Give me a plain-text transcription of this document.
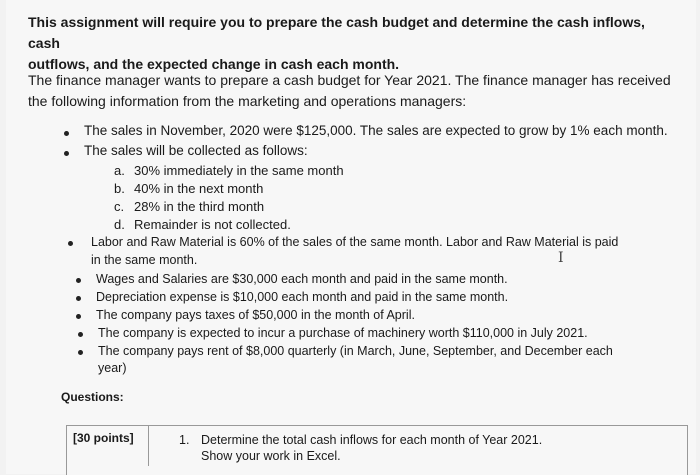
This assignment will require you to prepare the cash budget and determine the cash inflows, cash
outflows, and the expected change in cash each month.
The finance manager wants to prepare a cash budget for Year 2021. The finance manager has received
the following information from the marketing and operations managers:
The sales in November, 2020 were $125,000. The sales are expected to grow by 1% each month.
The sales will be collected as follows:
a. 30% immediately in the same month
b. 40% in the next month
c. 28% in the third month
d. Remainder is not collected.
Labor and Raw Material is 60% of the sales of the same month. Labor and Raw Material is paid
in the same month.	I
Wages and Salaries are $30,000 each month and paid in the same month.
Depreciation expense is $10,000 each month and paid in the same month.
The company pays taxes of $50,000 in the month of April.
The company is expected to incur a purchase of machinery worth $110,000 in July 2021.
The company pays rent of $8,000 quarterly (in March, June, September, and December each
year)
Questions:
[30 points]	1. Determine the total cash inflows for each month of Year 2021.
Show your work in Excel.
